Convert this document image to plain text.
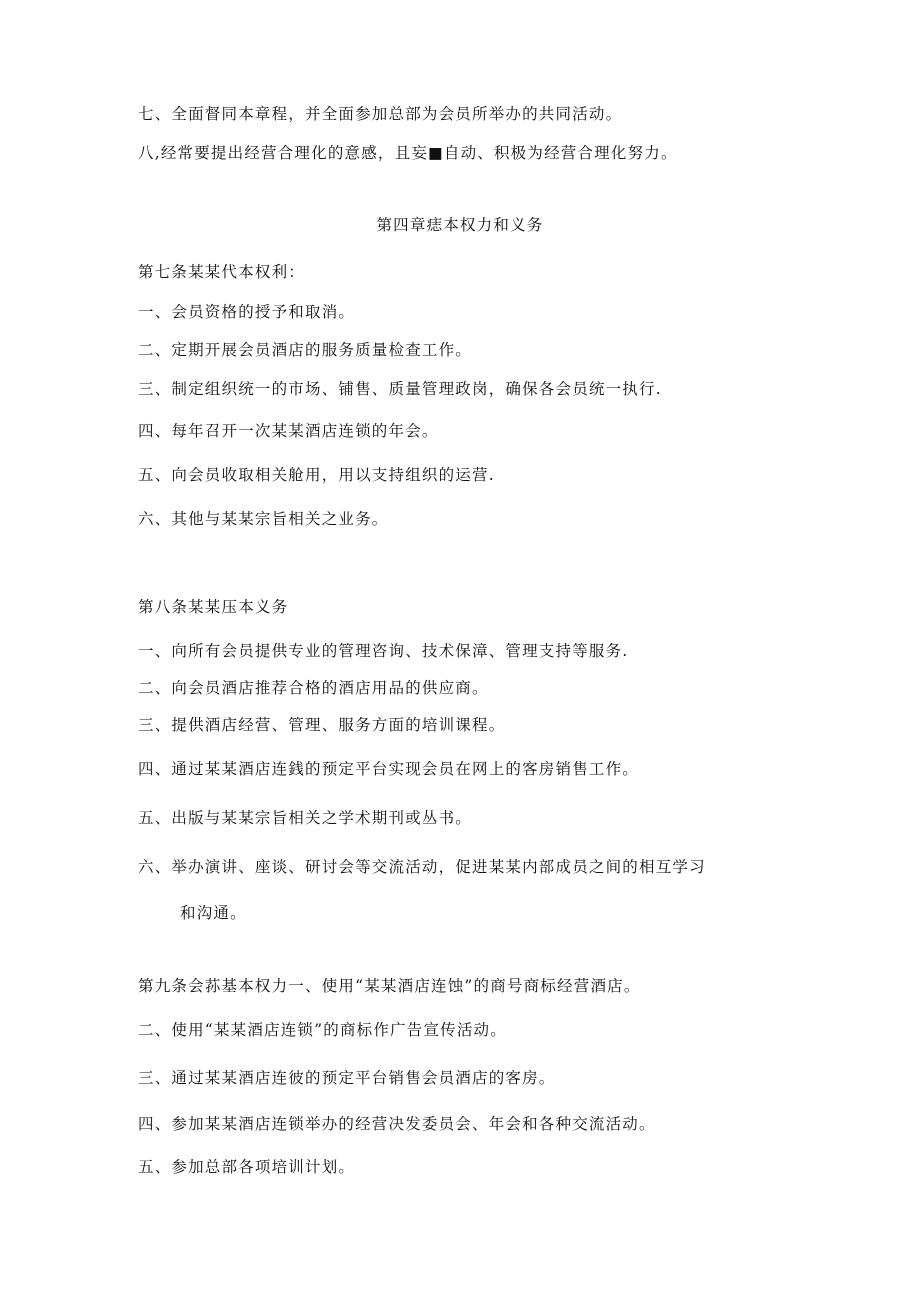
七、全面督同本章程，并全面参加总部为会员所举办的共同活动。
八,经常要提出经营合理化的意感，且妄■自动、积极为经营合理化努力。
第四章痣本权力和义务
第七条某某代本权利：
一、会员资格的授予和取消。
二、定期开展会员酒店的服务质量检查工作。
三、制定组织统一的市场、铺售、质量管理政岗，确保各会员统一执行.
四、每年召开一次某某酒店连锁的年会。
五、向会员收取相关舱用，用以支持组织的运营.
六、其他与某某宗旨相关之业务。
第八条某某压本义务
一、向所有会员提供专业的管理咨询、技术保漳、管理支持等服务.
二、向会员酒店推荐合格的酒店用品的供应商。
三、提供酒店经营、管理、服务方面的培训课程。
四、通过某某酒店连銭的预定平台实现会员在网上的客房销售工作。
五、出版与某某宗旨相关之学术期刊或丛书。
六、举办演讲、座谈、研讨会等交流活动，促进某某内部成员之间的相互学习
和沟通。
第九条会荪基本权力一、使用“某某酒店连蚀”的商号商标经营酒店。
二、使用“某某酒店连锁”的商标作广告宣传活动。
三、通过某某酒店连彼的预定平台销售会员酒店的客房。
四、参加某某酒店连锁举办的经营决发委员会、年会和各种交流活动。
五、参加总部各项培训计划。
